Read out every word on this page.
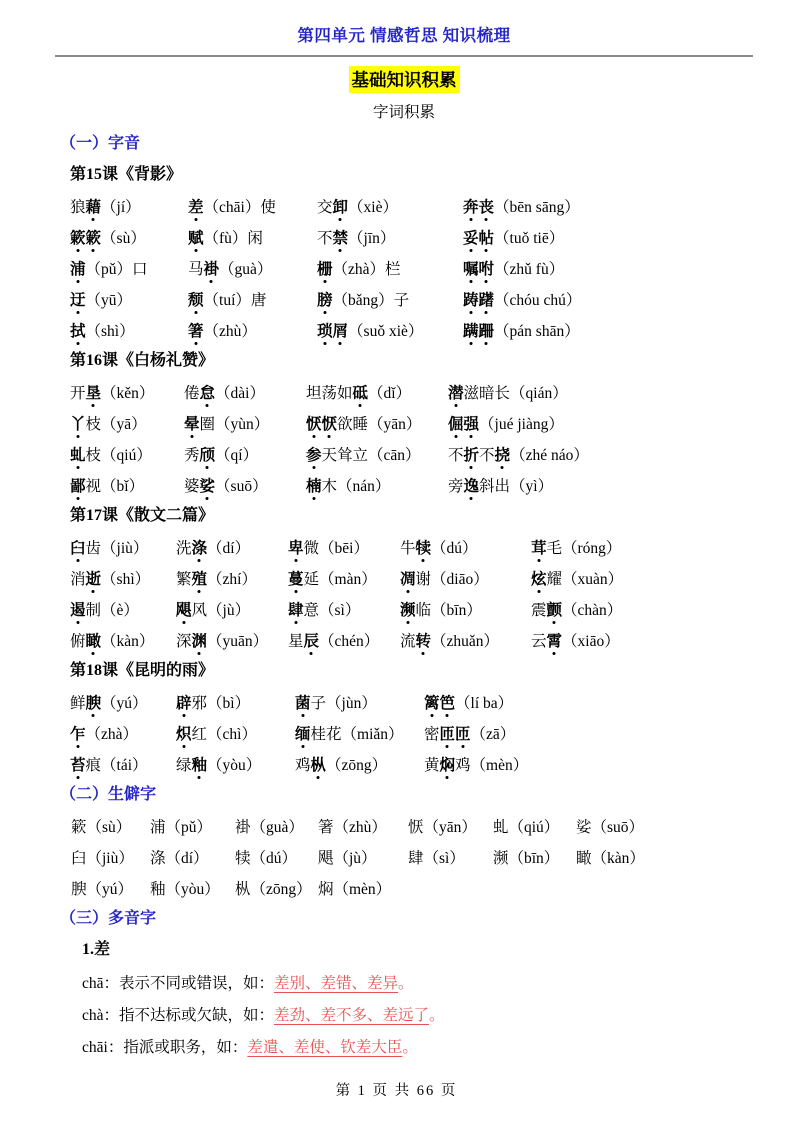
第四单元 情感哲思 知识梳理
基础知识积累
字词积累
（一）字音
第15课《背影》
狼 藉 （jí）	差 （chāi）使	交 卸 （xiè）	奔 丧 （bēn sāng）
簌 簌 （sù）	赋 （fù）闲	不 禁 （jīn）	妥 帖 （tuǒ tiē）
浦 （pǔ）口	马 褂 （guà）	栅 （zhà）栏	嘱 咐 （zhǔ fù）
迂 （yū）	颓 （tuí）唐	膀 （bǎng）子	踌 躇 （chóu chú）
拭 （shì）	箸 （zhù）	琐 屑 （suǒ xiè）	蹒 跚 （pán shān）
第16课《白杨礼赞》
开 垦 （kěn）	倦 怠 （dài）	坦荡如 砥 （dǐ）	潜 滋暗长（qián）
丫 枝（yā）	晕 圈（yùn）	恹 恹 欲睡（yān）	倔 强 （jué jiàng）
虬 枝（qiú）	秀 颀 （qí）	参 天耸立（cān）	不 折 不 挠 （zhé náo）
鄙 视（bǐ）	婆 娑 （suō）	楠 木（nán）	旁 逸 斜出（yì）
第17课《散文二篇》
臼 齿（jiù）	洗 涤 （dí）	卑 微（bēi）	牛 犊 （dú）	茸 毛（róng）
消 逝 （shì）	繁 殖 （zhí）	蔓 延（màn）	凋 谢（diāo）	炫 耀（xuàn）
遏 制（è）	飓 风（jù）	肆 意（sì）	濒 临（bīn）	震 颤 （chàn）
俯 瞰 （kàn）	深 渊 （yuān）	星 辰 （chén）	流 转 （zhuǎn）	云 霄 （xiāo）
第18课《昆明的雨》
鲜 腴 （yú）	辟 邪（bì）	菌 子（jùn）	篱 笆 （lí ba）
乍 （zhà）	炽 红（chì）	缅 桂花（miǎn）	密 匝 匝 （zā）
苔 痕（tái）	绿 釉 （yòu）	鸡 枞 （zōng）	黄 焖 鸡（mèn）
（二）生僻字
簌（sù）	浦（pǔ）	褂（guà） 箸（zhù）	恹（yān）	虬（qiú）	娑（suō）
臼（jiù）	涤（dí）	犊（dú）	飓（jù）	肆（sì）	濒（bīn）	瞰（kàn）
腴（yú）	釉（yòu） 枞（zōng） 焖（mèn）
（三）多音字
1.差
chā：表示不同或错误，如： 差别、差错、差异 。
chà：指不达标或欠缺，如： 差劲、差不多、差远了 。
chāi：指派或职务，如： 差遣、差使、钦差大臣 。
第 1 页 共 66 页
